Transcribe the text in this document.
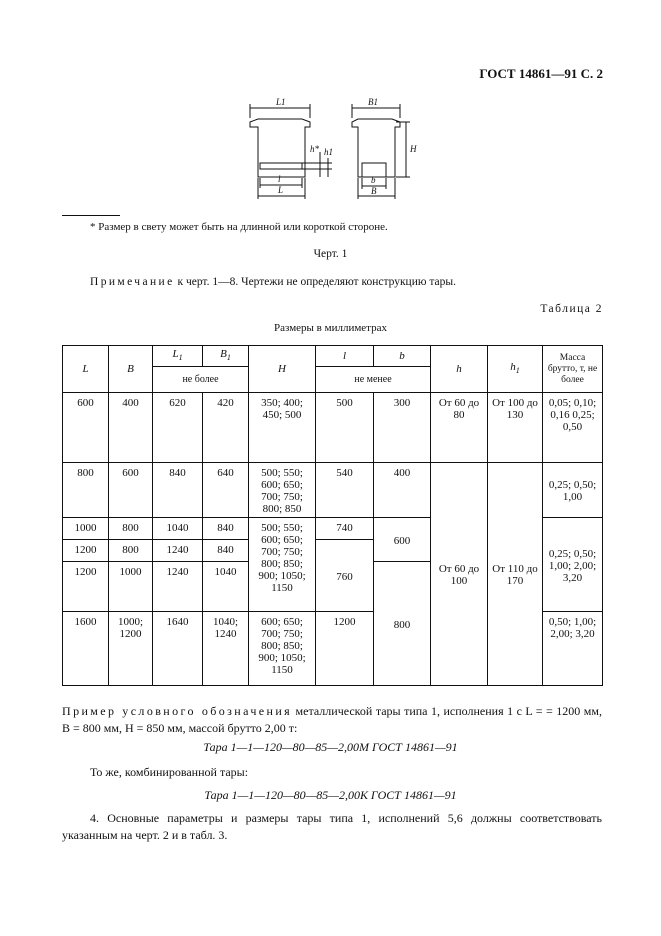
ГОСТ 14861—91 С. 2
L1
h* h1
l
L
B1
H
b
B
* Размер в свету может быть на длинной или короткой стороне.
Черт. 1
Примечание к черт. 1—8. Чертежи не определяют конструкцию тары.
Таблица 2
Размеры в миллиметрах
L	B	$L_1$	$B_1$	H	l	b	h	$h_1$	Масса брутто, т, не более
		не более			не менее				
600	400	620	420	350; 400; 450; 500	500	300	От 60 до 80	От 100 до 130	0,05; 0,10; 0,16 0,25; 0,50
800	600	840	640	500; 550; 600; 650; 700; 750; 800; 850	540	400	От 60 до 100	От 110 до 170	0,25; 0,50; 1,00
1000	800	1040	840	500; 550; 600; 650; 700; 750; 800; 850; 900; 1050; 1150	740	600			0,25; 0,50; 1,00; 2,00; 3,20
1200	800	1240	840		760				
1200	1000	1240	1040			800			
1600	1000; 1200	1640	1040; 1240	600; 650; 700; 750; 800; 850; 900; 1050; 1150	1200				0,50; 1,00; 2,00; 3,20
Пример условного обозначения металлической тары типа 1, исполнения 1 с L = = 1200 мм, B = 800 мм, H = 850 мм, массой брутто 2,00 т:
Тара 1—1—120—80—85—2,00М ГОСТ 14861—91
То же, комбинированной тары:
Тара 1—1—120—80—85—2,00К ГОСТ 14861—91
4. Основные параметры и размеры тары типа 1, исполнений 5,6 должны соответствовать указанным на черт. 2 и в табл. 3.
